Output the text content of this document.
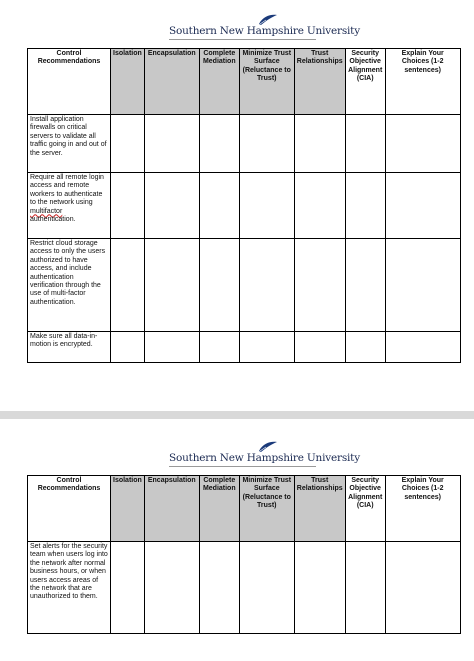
Southern New Hampshire University
Control Recommendations	Isolation	Encapsulation	Complete Mediation	Minimize Trust Surface (Reluctance to Trust)	Trust Relationships	Security Objective Alignment (CIA)	Explain Your Choices (1-2 sentences)
Install application firewalls on critical servers to validate all traffic going in and out of the server.							
Require all remote login access and remote workers to authenticate to the network using multifactor authentication.							
Restrict cloud storage access to only the users authorized to have access, and include authentication verification through the use of multi-factor authentication.							
Make sure all data-in-motion is encrypted.							
Southern New Hampshire University
Control Recommendations	Isolation	Encapsulation	Complete Mediation	Minimize Trust Surface (Reluctance to Trust)	Trust Relationships	Security Objective Alignment (CIA)	Explain Your Choices (1-2 sentences)
Set alerts for the security team when users log into the network after normal business hours, or when users access areas of the network that are unauthorized to them.							
